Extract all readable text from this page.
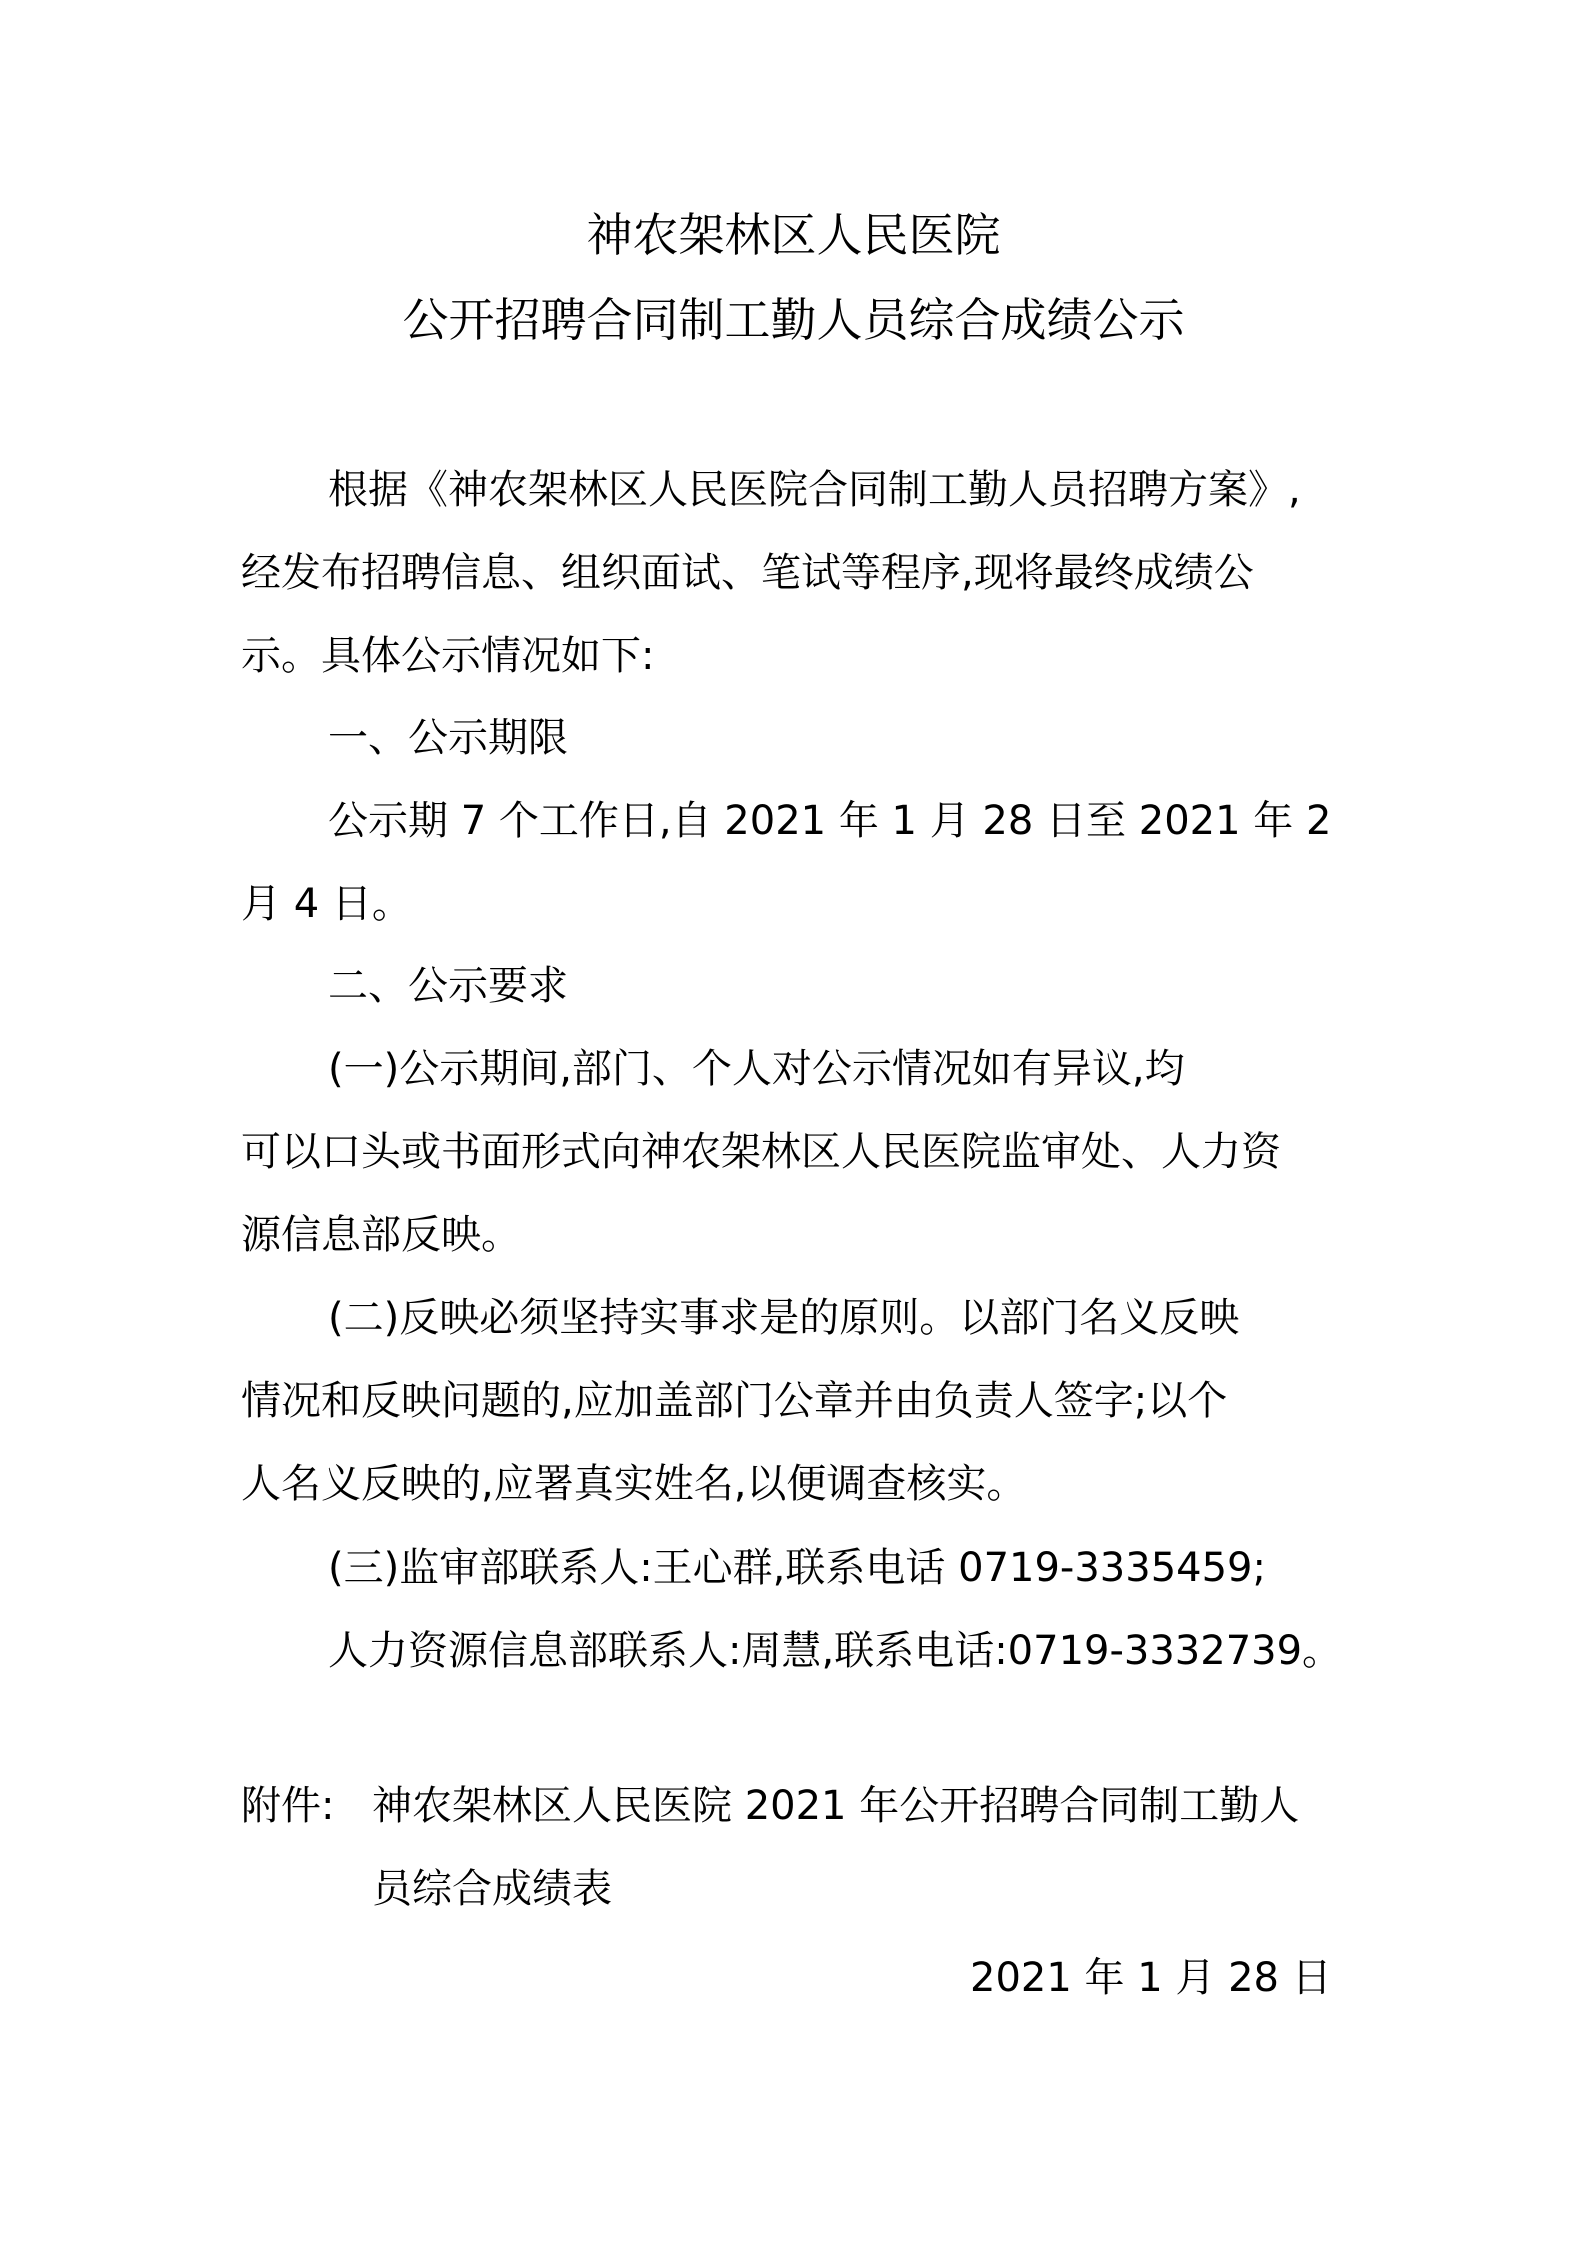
神农架林区人民医院
公开招聘合同制工勤人员综合成绩公示
根据《神农架林区人民医院合同制工勤人员招聘方案》,
经发布招聘信息、组织面试、笔试等程序,现将最终成绩公
示。具体公示情况如下:
一、公示期限
公示期 7 个工作日,自 2021 年 1 月 28 日至 2021 年 2
月 4 日。
二、公示要求
(一)公示期间,部门、个人对公示情况如有异议,均
可以口头或书面形式向神农架林区人民医院监审处、人力资
源信息部反映。
(二)反映必须坚持实事求是的原则。以部门名义反映
情况和反映问题的,应加盖部门公章并由负责人签字;以个
人名义反映的,应署真实姓名,以便调查核实。
(三)监审部联系人:王心群,联系电话 0719-3335459;
人力资源信息部联系人:周慧,联系电话:0719-3332739。
附件: 神农架林区人民医院 2021 年公开招聘合同制工勤人
员综合成绩表
2021 年 1 月 28 日
